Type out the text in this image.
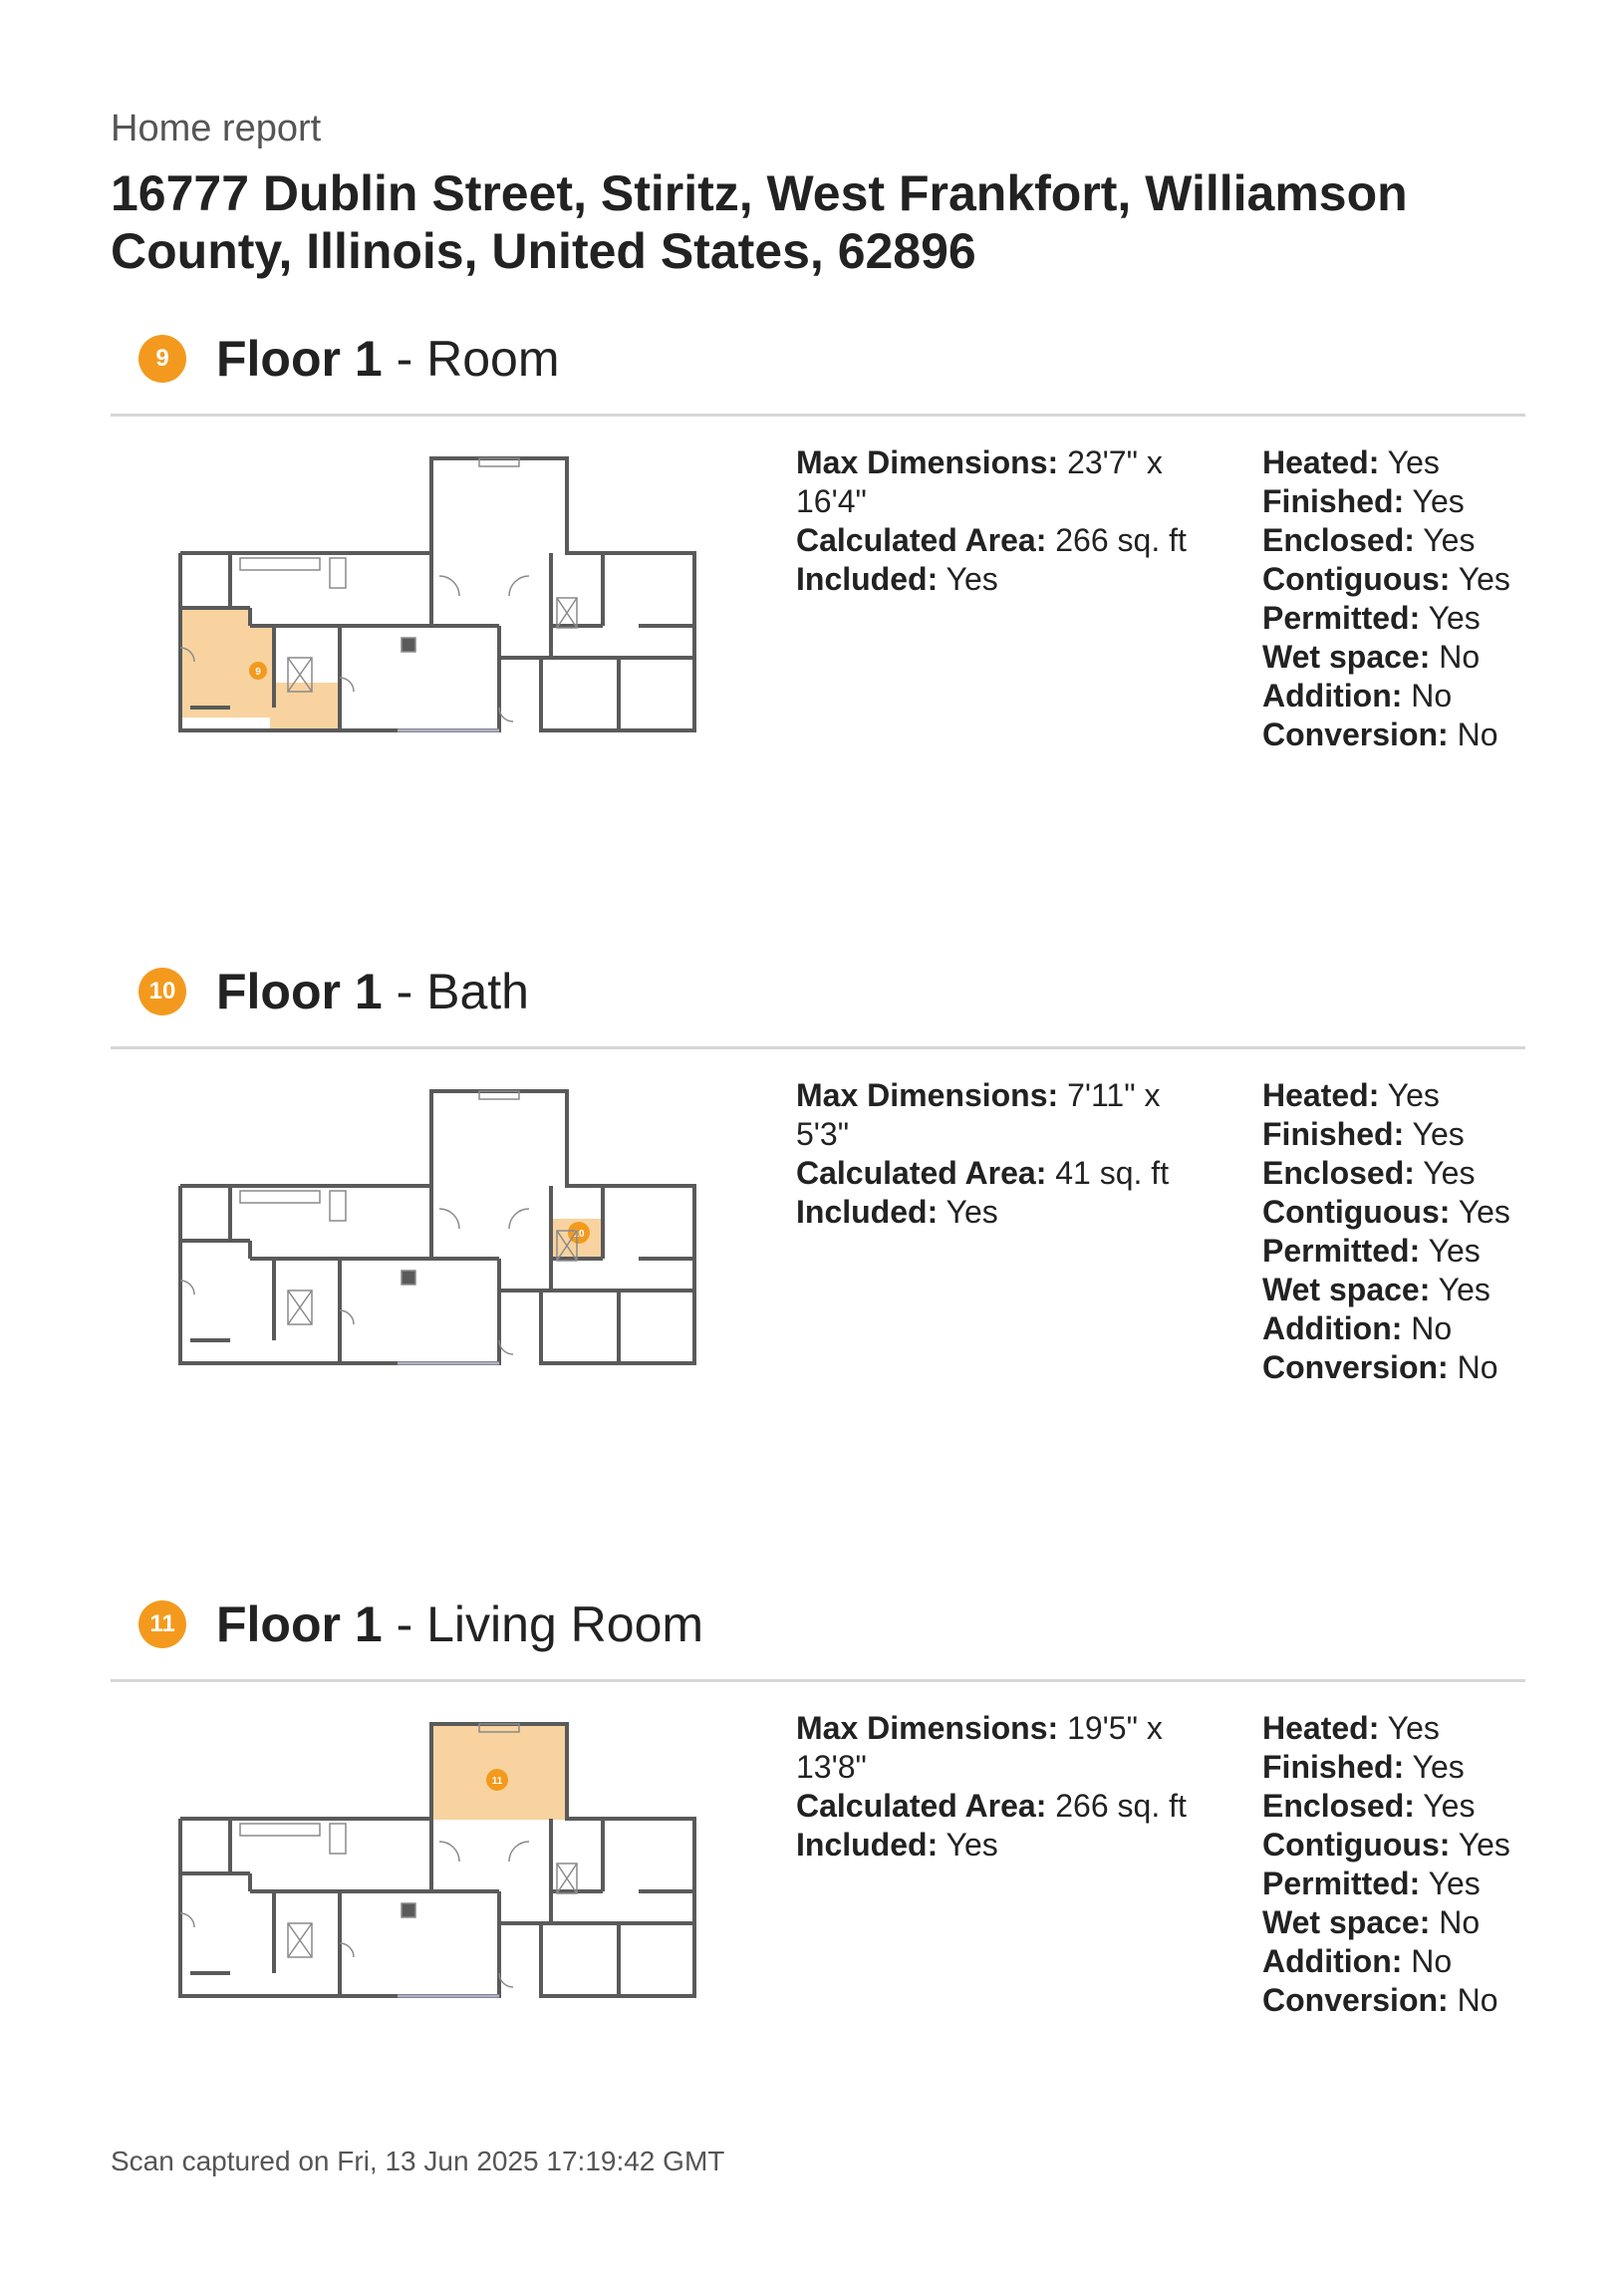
Home report
16777 Dublin Street, Stiritz, West Frankfort, Williamson County, Illinois, United States, 62896
9 Floor 1 - Room
9
Max Dimensions: 23'7" x 16'4"
Calculated Area: 266 sq. ft
Included: Yes
Heated: Yes
Finished: Yes
Enclosed: Yes
Contiguous: Yes
Permitted: Yes
Wet space: No
Addition: No
Conversion: No
10 Floor 1 - Bath
10
Max Dimensions: 7'11" x 5'3"
Calculated Area: 41 sq. ft
Included: Yes
Heated: Yes
Finished: Yes
Enclosed: Yes
Contiguous: Yes
Permitted: Yes
Wet space: Yes
Addition: No
Conversion: No
11 Floor 1 - Living Room
11
Max Dimensions: 19'5" x 13'8"
Calculated Area: 266 sq. ft
Included: Yes
Heated: Yes
Finished: Yes
Enclosed: Yes
Contiguous: Yes
Permitted: Yes
Wet space: No
Addition: No
Conversion: No
Scan captured on Fri, 13 Jun 2025 17:19:42 GMT
